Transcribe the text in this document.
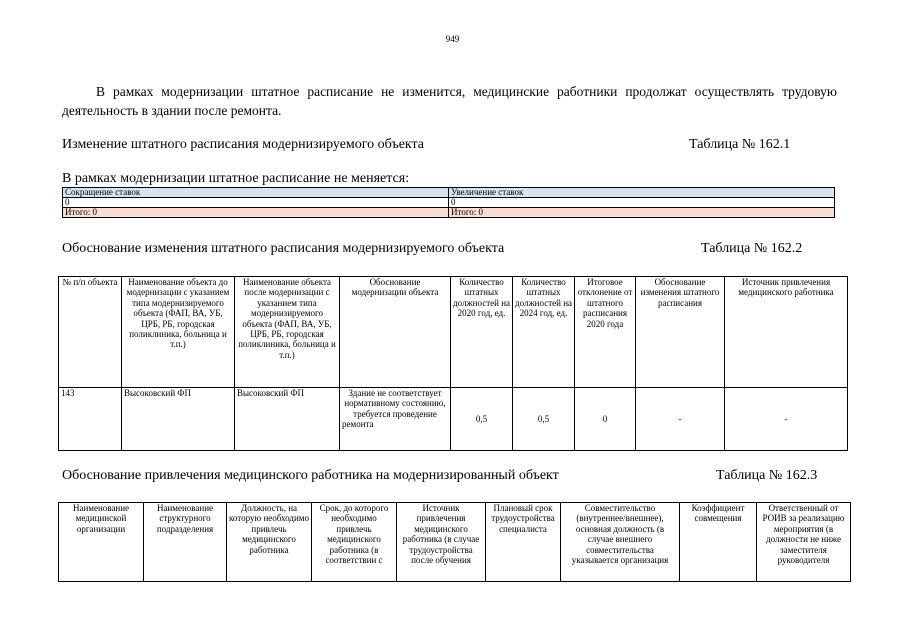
949
В рамках модернизации штатное расписание не изменится, медицинские работники продолжат осуществлять трудовую деятельность в здании после ремонта.
Изменение штатного расписания модернизируемого объекта	Таблица № 162.1
В рамках модернизации штатное расписание не меняется:
Сокращение ставок	Увеличение ставок
0	0
Итого: 0	Итого: 0
Обоснование изменения штатного расписания модернизируемого объекта	Таблица № 162.2
№ п/п объекта	Наименование объекта до модернизации с указанием типа модернизируемого объекта (ФАП, ВА, УБ, ЦРБ, РБ, городская поликлиника, больница и т.п.)	Наименование объекта после модернизации с указанием типа модернизируемого объекта (ФАП, ВА, УБ, ЦРБ, РБ, городская поликлиника, больница и т.п.)	Обоснование модернизации объекта	Количество штатных должностей на 2020 год, ед.	Количество штатных должностей на 2024 год, ед.	Итоговое отклонение от штатного расписания 2020 года	Обоснование изменения штатного расписания	Источник привлечения медицинского работника
143	Высоковский ФП	Высоковский ФП	Здание не соответствует нормативному состоянию, требуется проведение ремонта	0,5	0,5	0	-	-
Обоснование привлечения медицинского работника на модернизированный объект	Таблица № 162.3
Наименование медицинской организации	Наименование структурного подразделения	Должность, на которую необходимо привлечь медицинского работника	Срок, до которого необходимо привлечь медицинского работника (в соответствии с	Источник привлечения медицинского работника (в случае трудоустройства после обучения	Плановый срок трудоустройства специалиста	Совместительство (внутреннее/внешнее), основная должность (в случае внешнего совместительства указывается организация	Коэффициент совмещения	Ответственный от РОИВ за реализацию мероприятия (в должности не ниже заместителя руководителя
